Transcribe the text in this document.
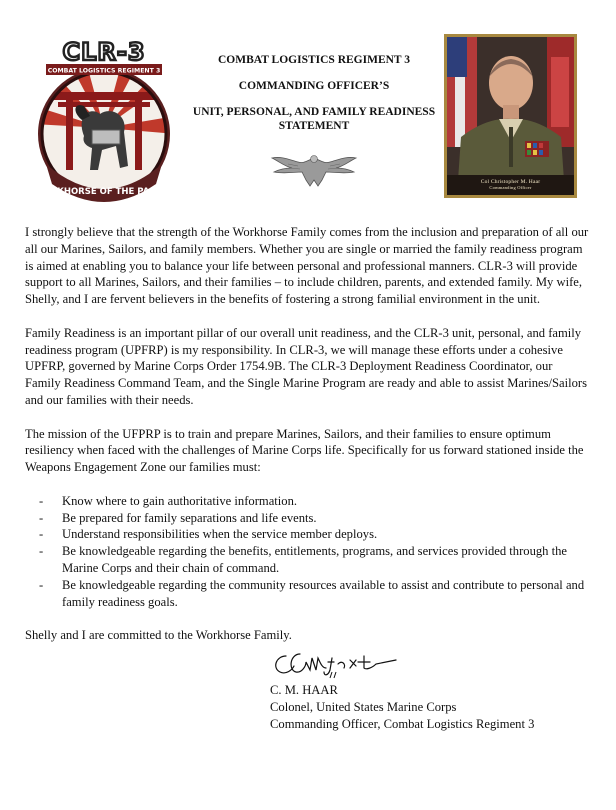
WORKHORSE OF THE PACIFIC
COMBAT LOGISTICS REGIMENT 3
CLR-3	COMBAT LOGISTICS REGIMENT 3
COMMANDING OFFICER’S
UNIT, PERSONAL, AND FAMILY READINESS STATEMENT
Col Christopher M. Haar
Commanding Officer

I strongly believe that the strength of the Workhorse Family comes from the inclusion and preparation of all our all our Marines, Sailors, and family members. Whether you are single or married the family readiness program is aimed at enabling you to balance your life between personal and professional manners. CLR-3 will provide support to all Marines, Sailors, and their families – to include children, parents, and extended family. My wife, Shelly, and I are fervent believers in the benefits of fostering a strong familial environment in the unit.

Family Readiness is an important pillar of our overall unit readiness, and the CLR-3 unit, personal, and family readiness program (UPFRP) is my responsibility. In CLR-3, we will manage these efforts under a cohesive UPFRP, governed by Marine Corps Order 1754.9B. The CLR-3 Deployment Readiness Coordinator, our Family Readiness Command Team, and the Single Marine Program are ready and able to assist Marines/Sailors and our families with their needs.

The mission of the UFPRP is to train and prepare Marines, Sailors, and their families to ensure optimum resiliency when faced with the challenges of Marine Corps life. Specifically for us forward stationed inside the Weapons Engagement Zone our families must:

- Know where to gain authoritative information.
- Be prepared for family separations and life events.
- Understand responsibilities when the service member deploys.
- Be knowledgeable regarding the benefits, entitlements, programs, and services provided through the Marine Corps and their chain of command.
- Be knowledgeable regarding the community resources available to assist and contribute to personal and family readiness goals.

Shelly and I are committed to the Workhorse Family.

C. M. HAAR
Colonel, United States Marine Corps
Commanding Officer, Combat Logistics Regiment 3
